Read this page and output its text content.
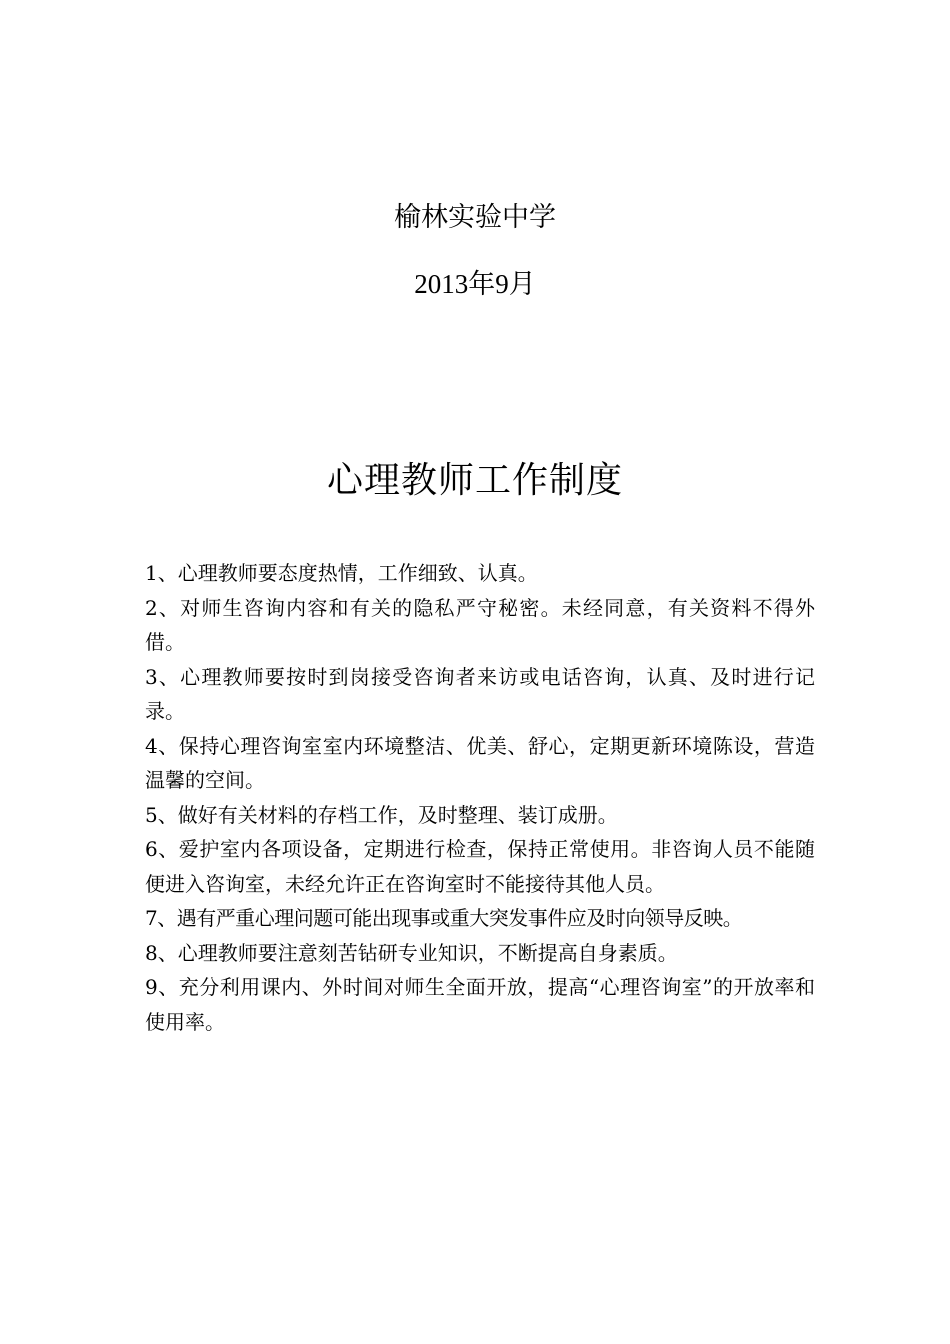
榆林实验中学
2013年9月
心理教师工作制度
1、心理教师要态度热情，工作细致、认真。
2、对师生咨询内容和有关的隐私严守秘密。未经同意，有关资料不得外借。
3、心理教师要按时到岗接受咨询者来访或电话咨询，认真、及时进行记录。
4、保持心理咨询室室内环境整洁、优美、舒心，定期更新环境陈设，营造温馨的空间。
5、做好有关材料的存档工作，及时整理、装订成册。
6、爱护室内各项设备，定期进行检查，保持正常使用。非咨询人员不能随便进入咨询室，未经允许正在咨询室时不能接待其他人员。
7、遇有严重心理问题可能出现事或重大突发事件应及时向领导反映。
8、心理教师要注意刻苦钻研专业知识，不断提高自身素质。
9、充分利用课内、外时间对师生全面开放，提高“心理咨询室”的开放率和使用率。
